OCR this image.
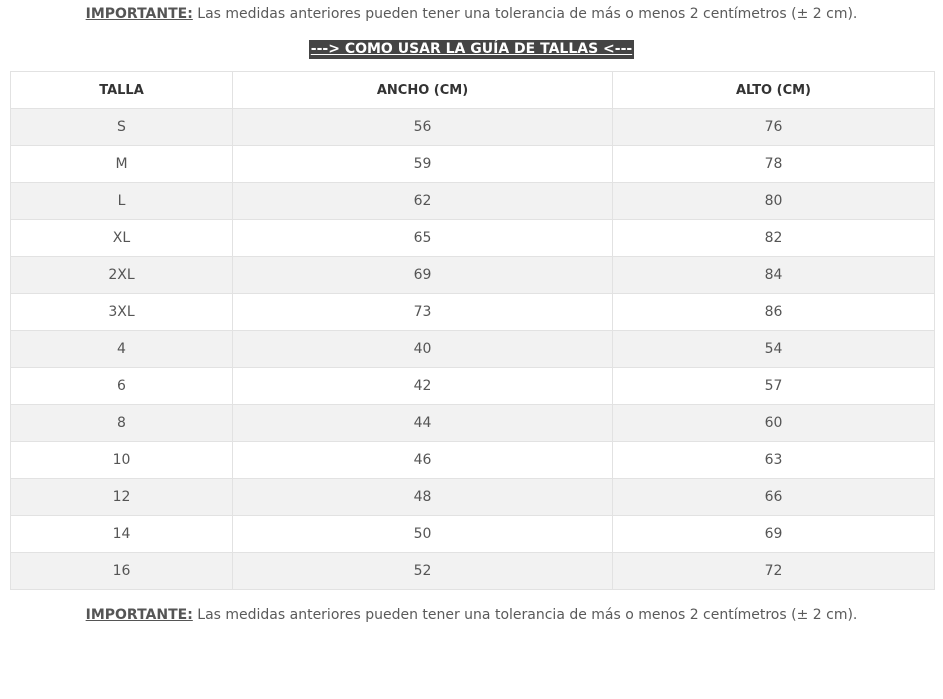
IMPORTANTE: Las medidas anteriores pueden tener una tolerancia de más o menos 2 centímetros (± 2 cm).
---> COMO USAR LA GUÍA DE TALLAS <---
TALLA	ANCHO (CM)	ALTO (CM)
S	56	76
M	59	78
L	62	80
XL	65	82
2XL	69	84
3XL	73	86
4	40	54
6	42	57
8	44	60
10	46	63
12	48	66
14	50	69
16	52	72
IMPORTANTE: Las medidas anteriores pueden tener una tolerancia de más o menos 2 centímetros (± 2 cm).
